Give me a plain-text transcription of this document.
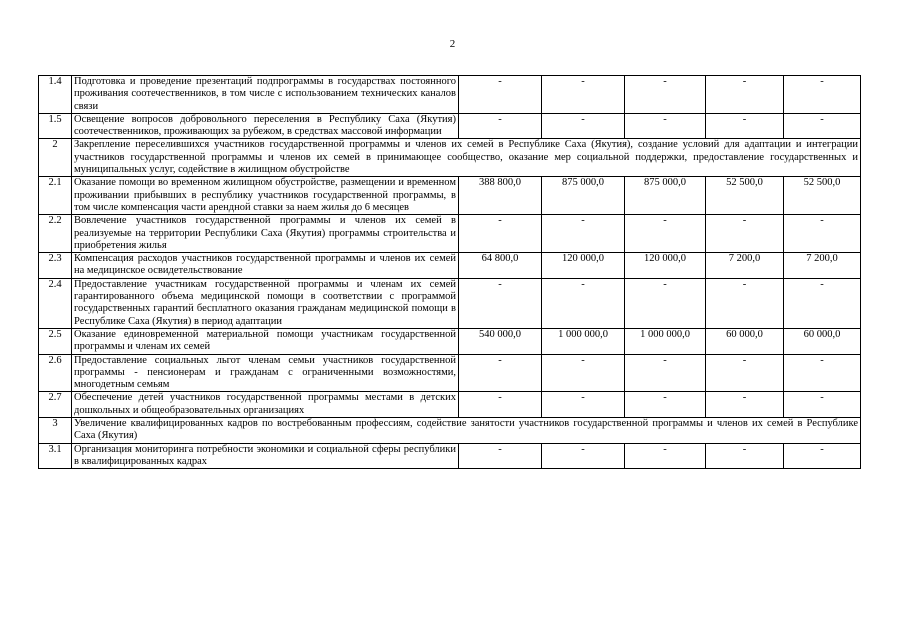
2
1.4	Подготовка и проведение презентаций подпрограммы в государствах постоянного проживания соотечественников, в том числе с использованием технических каналов связи	-	-	-	-	-
1.5	Освещение вопросов добровольного переселения в Республику Саха (Якутия) соотечественников, проживающих за рубежом, в средствах массовой информации	-	-	-	-	-
2	Закрепление переселившихся участников государственной программы и членов их семей в Республике Саха (Якутия), создание условий для адаптации и интеграции участников государственной программы и членов их семей в принимающее сообщество, оказание мер социальной поддержки, предоставление государственных и муниципальных услуг, содействие в жилищном обустройстве					
2.1	Оказание помощи во временном жилищном обустройстве, размещении и временном проживании прибывших в республику участников государственной программы, в том числе компенсация части арендной ставки за наем жилья до 6 месяцев	388 800,0	875 000,0	875 000,0	52 500,0	52 500,0
2.2	Вовлечение участников государственной программы и членов их семей в реализуемые на территории Республики Саха (Якутия) программы строительства и приобретения жилья	-	-	-	-	-
2.3	Компенсация расходов участников государственной программы и членов их семей на медицинское освидетельствование	64 800,0	120 000,0	120 000,0	7 200,0	7 200,0
2.4	Предоставление участникам государственной программы и членам их семей гарантированного объема медицинской помощи в соответствии с программой государственных гарантий бесплатного оказания гражданам медицинской помощи в Республике Саха (Якутия) в период адаптации	-	-	-	-	-
2.5	Оказание единовременной материальной помощи участникам государственной программы и членам их семей	540 000,0	1 000 000,0	1 000 000,0	60 000,0	60 000,0
2.6	Предоставление социальных льгот членам семьи участников государственной программы - пенсионерам и гражданам с ограниченными возможностями, многодетным семьям	-	-	-	-	-
2.7	Обеспечение детей участников государственной программы местами в детских дошкольных и общеобразовательных организациях	-	-	-	-	-
3	Увеличение квалифицированных кадров по востребованным профессиям, содействие занятости участников государственной программы и членов их семей в Республике Саха (Якутия)					
3.1	Организация мониторинга потребности экономики и социальной сферы республики в квалифицированных кадрах	-	-	-	-	-
